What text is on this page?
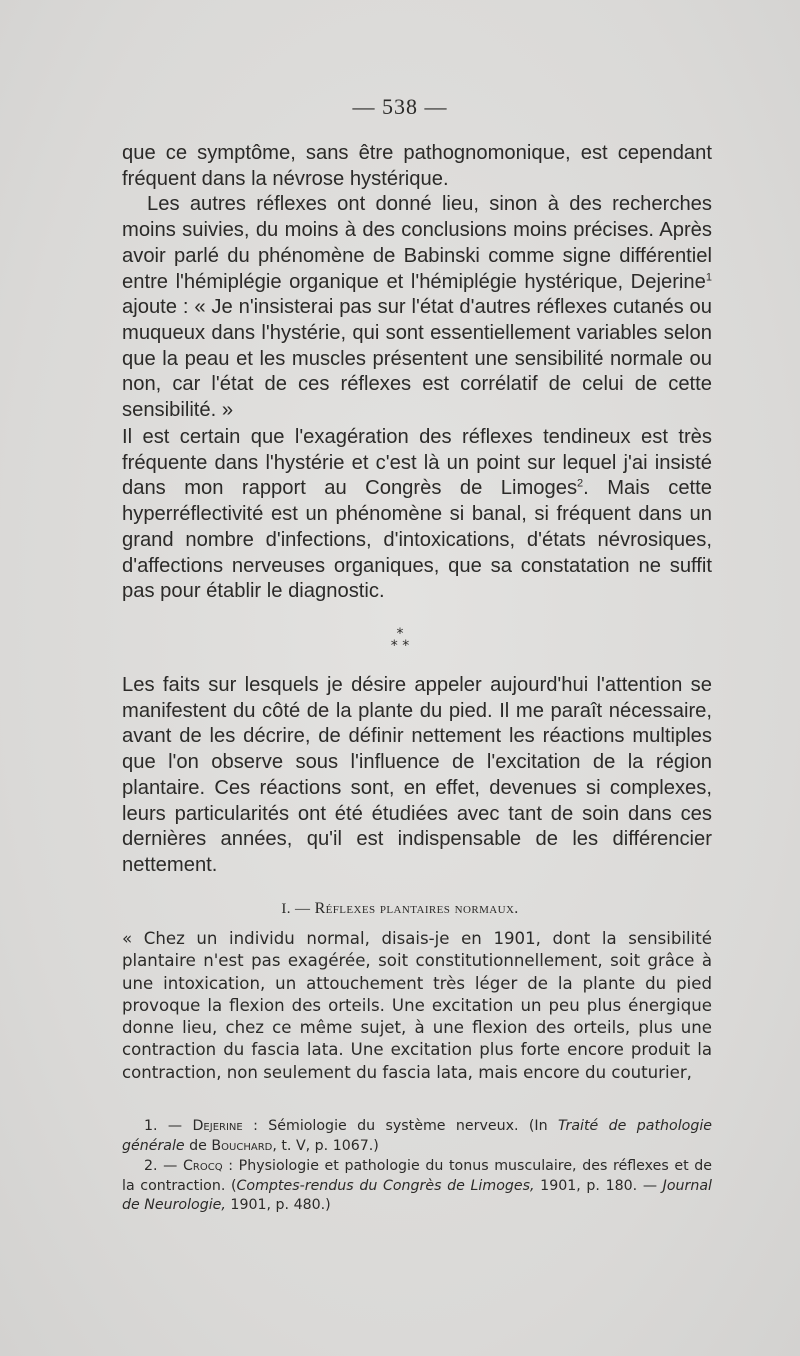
— 538 —

que ce symptôme, sans être pathognomonique, est cependant fréquent dans la névrose hystérique.
Les autres réflexes ont donné lieu, sinon à des recherches moins suivies, du moins à des conclusions moins précises. Après avoir parlé du phénomène de Babinski comme signe différentiel entre l'hémiplégie organique et l'hémiplégie hystérique, Dejerine$^1$ ajoute : « Je n'insisterai pas sur l'état d'autres réflexes cutanés ou muqueux dans l'hystérie, qui sont essentiellement variables selon que la peau et les muscles présentent une sensibilité normale ou non, car l'état de ces réflexes est corrélatif de celui de cette sensibilité. »

Il est certain que l'exagération des réflexes tendineux est très fréquente dans l'hystérie et c'est là un point sur lequel j'ai insisté dans mon rapport au Congrès de Limoges$^2$. Mais cette hyperréflectivité est un phénomène si banal, si fréquent dans un grand nombre d'infections, d'intoxications, d'états névrosiques, d'affections nerveuses organiques, que sa constatation ne suffit pas pour établir le diagnostic.

*
* *

Les faits sur lesquels je désire appeler aujourd'hui l'attention se manifestent du côté de la plante du pied. Il me paraît nécessaire, avant de les décrire, de définir nettement les réactions multiples que l'on observe sous l'influence de l'excitation de la région plantaire. Ces réactions sont, en effet, devenues si complexes, leurs particularités ont été étudiées avec tant de soin dans ces dernières années, qu'il est indispensable de les différencier nettement.

I. — Réflexes plantaires normaux.

« Chez un individu normal, disais-je en 1901, dont la sensibilité plantaire n'est pas exagérée, soit constitutionnellement, soit grâce à une intoxication, un attouchement très léger de la plante du pied provoque la flexion des orteils. Une excitation un peu plus énergique donne lieu, chez ce même sujet, à une flexion des orteils, plus une contraction du fascia lata. Une excitation plus forte encore produit la contraction, non seulement du fascia lata, mais encore du couturier,

1. — Dejerine : Sémiologie du système nerveux. (In Traité de pathologie générale de Bouchard, t. V, p. 1067.)

2. — Crocq : Physiologie et pathologie du tonus musculaire, des réflexes et de la contraction. (Comptes-rendus du Congrès de Limoges, 1901, p. 180. — Journal de Neurologie, 1901, p. 480.)
